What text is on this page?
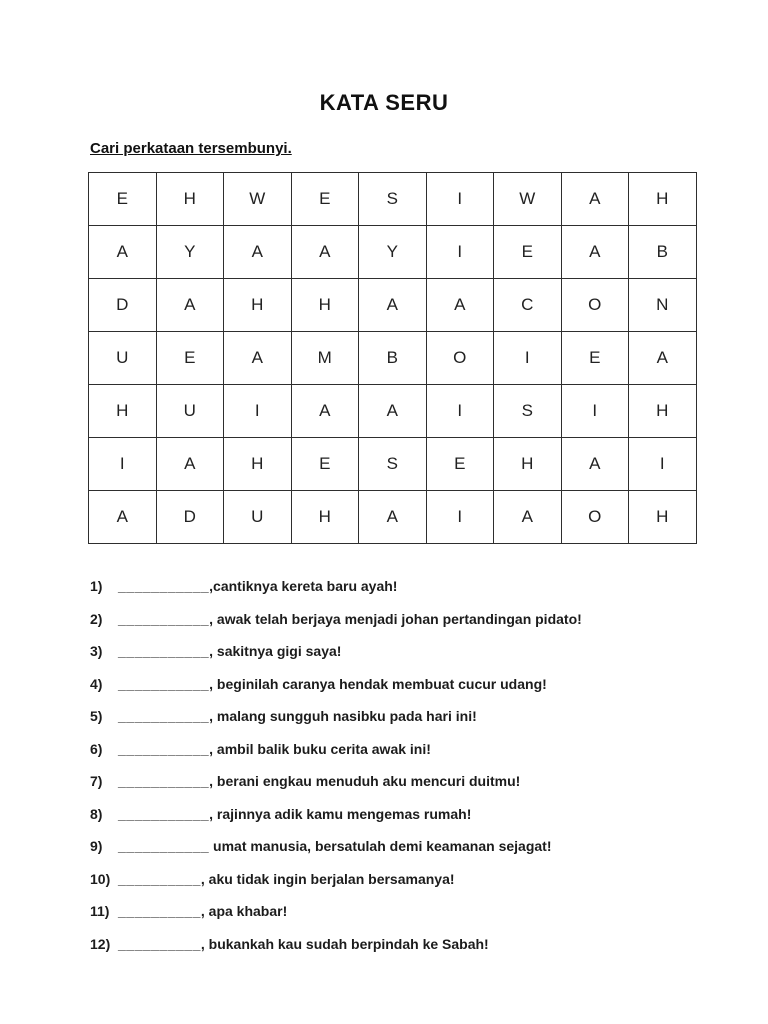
KATA SERU
Cari perkataan tersembunyi.
E	H	W	E	S	I	W	A	H
A	Y	A	A	Y	I	E	A	B
D	A	H	H	A	A	C	O	N
U	E	A	M	B	O	I	E	A
H	U	I	A	A	I	S	I	H
I	A	H	E	S	E	H	A	I
A	D	U	H	A	I	A	O	H
1) ___________,cantiknya kereta baru ayah!
2) ___________, awak telah berjaya menjadi johan pertandingan pidato!
3) ___________, sakitnya gigi saya!
4) ___________, beginilah caranya hendak membuat cucur udang!
5) ___________, malang sungguh nasibku pada hari ini!
6) ___________, ambil balik buku cerita awak ini!
7) ___________, berani engkau menuduh aku mencuri duitmu!
8) ___________, rajinnya adik kamu mengemas rumah!
9) ___________ umat manusia, bersatulah demi keamanan sejagat!
10) __________, aku tidak ingin berjalan bersamanya!
11) __________, apa khabar!
12) __________, bukankah kau sudah berpindah ke Sabah!
